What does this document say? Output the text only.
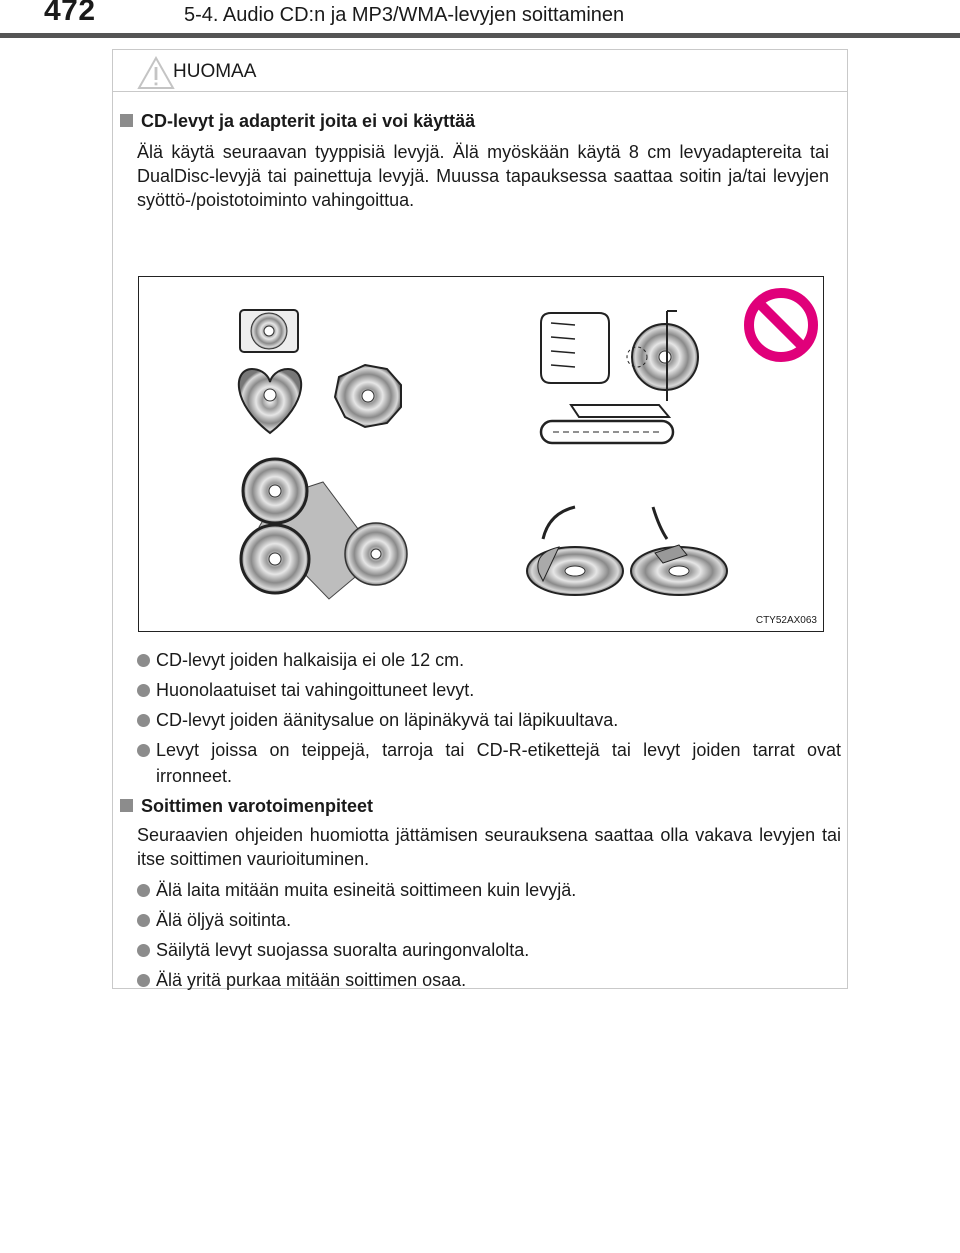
472	5-4. Audio CD:n ja MP3/WMA-levyjen soittaminen
HUOMAA
CD-levyt ja adapterit joita ei voi käyttää
Älä käytä seuraavan tyyppisiä levyjä. Älä myöskään käytä 8 cm levyadaptereita tai DualDisc-levyjä tai painettuja levyjä. Muussa tapauksessa saattaa soitin ja/tai levyjen syöttö-/poistotoiminto vahingoittua.
CTY52AX063
CD-levyt joiden halkaisija ei ole 12 cm.
Huonolaatuiset tai vahingoittuneet levyt.
CD-levyt joiden äänitysalue on läpinäkyvä tai läpikuultava.
Levyt joissa on teippejä, tarroja tai CD-R-etikettejä tai levyt joiden tarrat ovat irronneet.
Soittimen varotoimenpiteet
Seuraavien ohjeiden huomiotta jättämisen seurauksena saattaa olla vakava levyjen tai itse soittimen vaurioituminen.
Älä laita mitään muita esineitä soittimeen kuin levyjä.
Älä öljyä soitinta.
Säilytä levyt suojassa suoralta auringonvalolta.
Älä yritä purkaa mitään soittimen osaa.
